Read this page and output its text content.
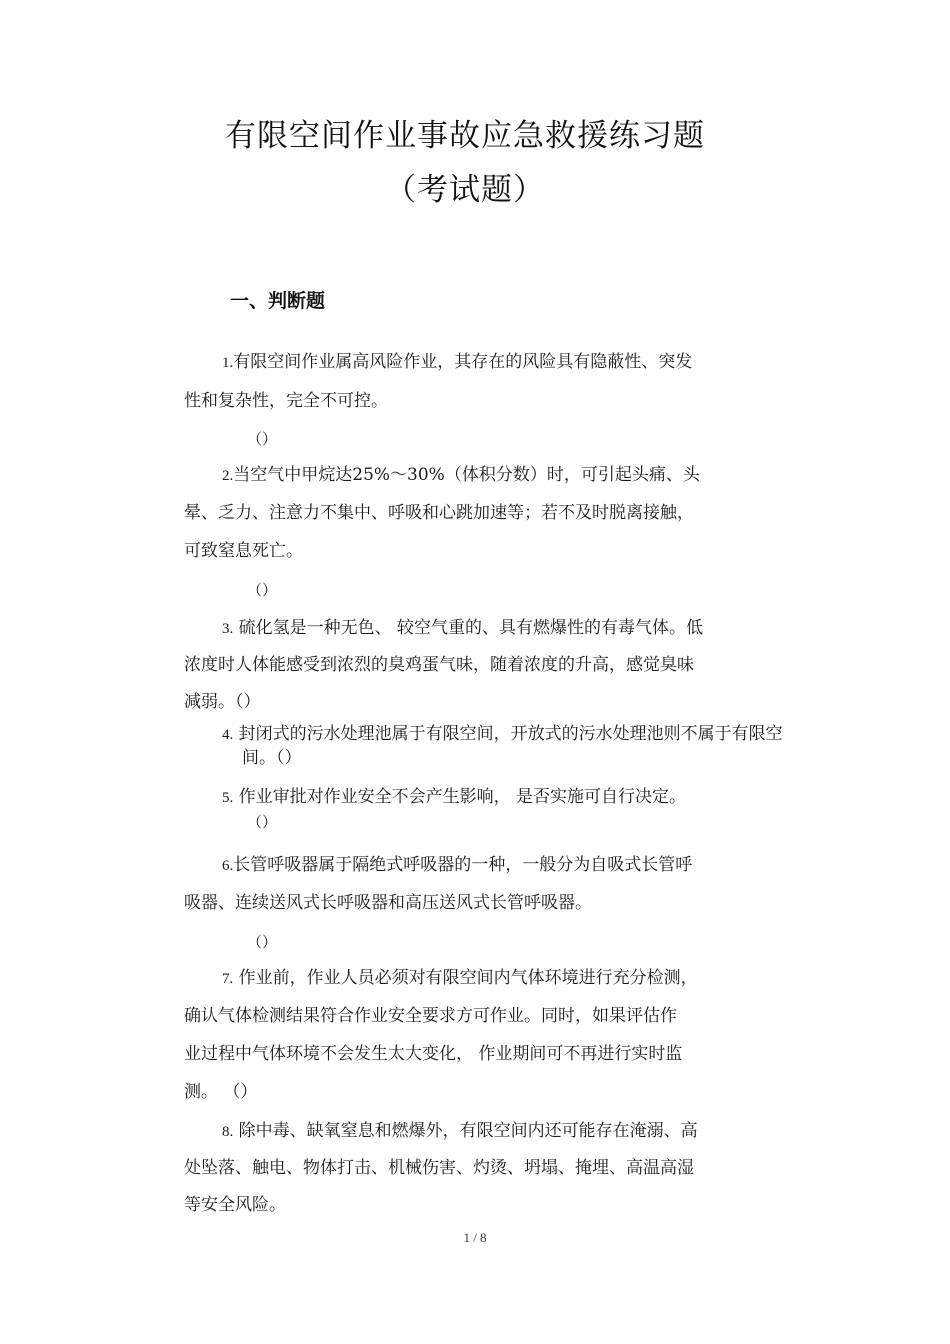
有限空间作业事故应急救援练习题
（考试题）
一、判断题
1.有限空间作业属高风险作业，其存在的风险具有隐蔽性、突发
性和复杂性，完全不可控。
（）
2.当空气中甲烷达25%～30%（体积分数）时，可引起头痛、头
晕、乏力、注意力不集中、呼吸和心跳加速等；若不及时脱离接触，
可致窒息死亡。
（）
3. 硫化氢是一种无色、 较空气重的、具有燃爆性的有毒气体。低
浓度时人体能感受到浓烈的臭鸡蛋气味，随着浓度的升高，感觉臭味
减弱。（）
4. 封闭式的污水处理池属于有限空间，开放式的污水处理池则不属于有限空
间。（）
5. 作业审批对作业安全不会产生影响， 是否实施可自行决定。
（）
6.长管呼吸器属于隔绝式呼吸器的一种，一般分为自吸式长管呼
吸器、连续送风式长呼吸器和高压送风式长管呼吸器。
（）
7. 作业前，作业人员必须对有限空间内气体环境进行充分检测，
确认气体检测结果符合作业安全要求方可作业。同时，如果评估作
业过程中气体环境不会发生太大变化， 作业期间可不再进行实时监
测。 （）
8. 除中毒、缺氧窒息和燃爆外，有限空间内还可能存在淹溺、高
处坠落、触电、物体打击、机械伤害、灼烫、坍塌、掩埋、高温高湿
等安全风险。
1 / 8
